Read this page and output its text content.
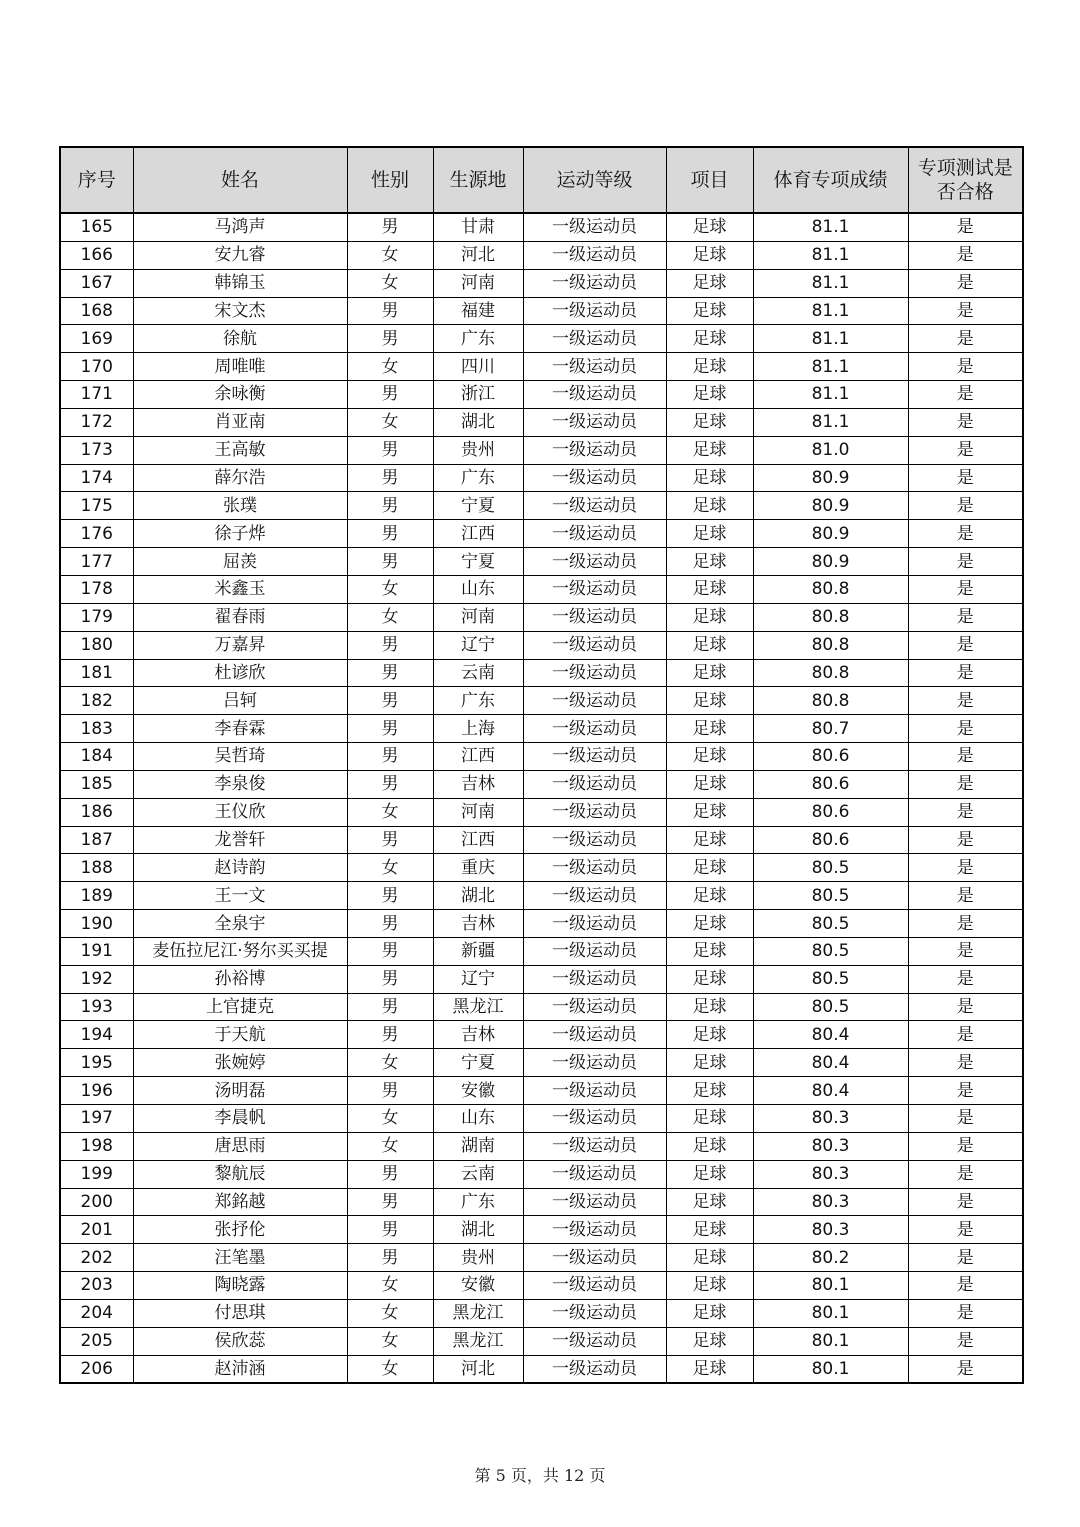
序号	姓名	性别	生源地	运动等级	项目	体育专项成绩	专项测试是否合格
165	马鸿声	男	甘肃	一级运动员	足球	81.1	是
166	安九睿	女	河北	一级运动员	足球	81.1	是
167	韩锦玉	女	河南	一级运动员	足球	81.1	是
168	宋文杰	男	福建	一级运动员	足球	81.1	是
169	徐航	男	广东	一级运动员	足球	81.1	是
170	周唯唯	女	四川	一级运动员	足球	81.1	是
171	余咏衡	男	浙江	一级运动员	足球	81.1	是
172	肖亚南	女	湖北	一级运动员	足球	81.1	是
173	王高敏	男	贵州	一级运动员	足球	81.0	是
174	薛尔浩	男	广东	一级运动员	足球	80.9	是
175	张璞	男	宁夏	一级运动员	足球	80.9	是
176	徐子烨	男	江西	一级运动员	足球	80.9	是
177	屈羡	男	宁夏	一级运动员	足球	80.9	是
178	米鑫玉	女	山东	一级运动员	足球	80.8	是
179	翟春雨	女	河南	一级运动员	足球	80.8	是
180	万嘉昇	男	辽宁	一级运动员	足球	80.8	是
181	杜谚欣	男	云南	一级运动员	足球	80.8	是
182	吕轲	男	广东	一级运动员	足球	80.8	是
183	李春霖	男	上海	一级运动员	足球	80.7	是
184	吴哲琦	男	江西	一级运动员	足球	80.6	是
185	李泉俊	男	吉林	一级运动员	足球	80.6	是
186	王仪欣	女	河南	一级运动员	足球	80.6	是
187	龙誉轩	男	江西	一级运动员	足球	80.6	是
188	赵诗韵	女	重庆	一级运动员	足球	80.5	是
189	王一文	男	湖北	一级运动员	足球	80.5	是
190	全泉宇	男	吉林	一级运动员	足球	80.5	是
191	麦伍拉尼江·努尔买买提	男	新疆	一级运动员	足球	80.5	是
192	孙裕博	男	辽宁	一级运动员	足球	80.5	是
193	上官捷克	男	黑龙江	一级运动员	足球	80.5	是
194	于天航	男	吉林	一级运动员	足球	80.4	是
195	张婉婷	女	宁夏	一级运动员	足球	80.4	是
196	汤明磊	男	安徽	一级运动员	足球	80.4	是
197	李晨帆	女	山东	一级运动员	足球	80.3	是
198	唐思雨	女	湖南	一级运动员	足球	80.3	是
199	黎航辰	男	云南	一级运动员	足球	80.3	是
200	郑銘越	男	广东	一级运动员	足球	80.3	是
201	张抒伦	男	湖北	一级运动员	足球	80.3	是
202	汪笔墨	男	贵州	一级运动员	足球	80.2	是
203	陶晓露	女	安徽	一级运动员	足球	80.1	是
204	付思琪	女	黑龙江	一级运动员	足球	80.1	是
205	侯欣蕊	女	黑龙江	一级运动员	足球	80.1	是
206	赵沛涵	女	河北	一级运动员	足球	80.1	是
第 5 页，共 12 页
